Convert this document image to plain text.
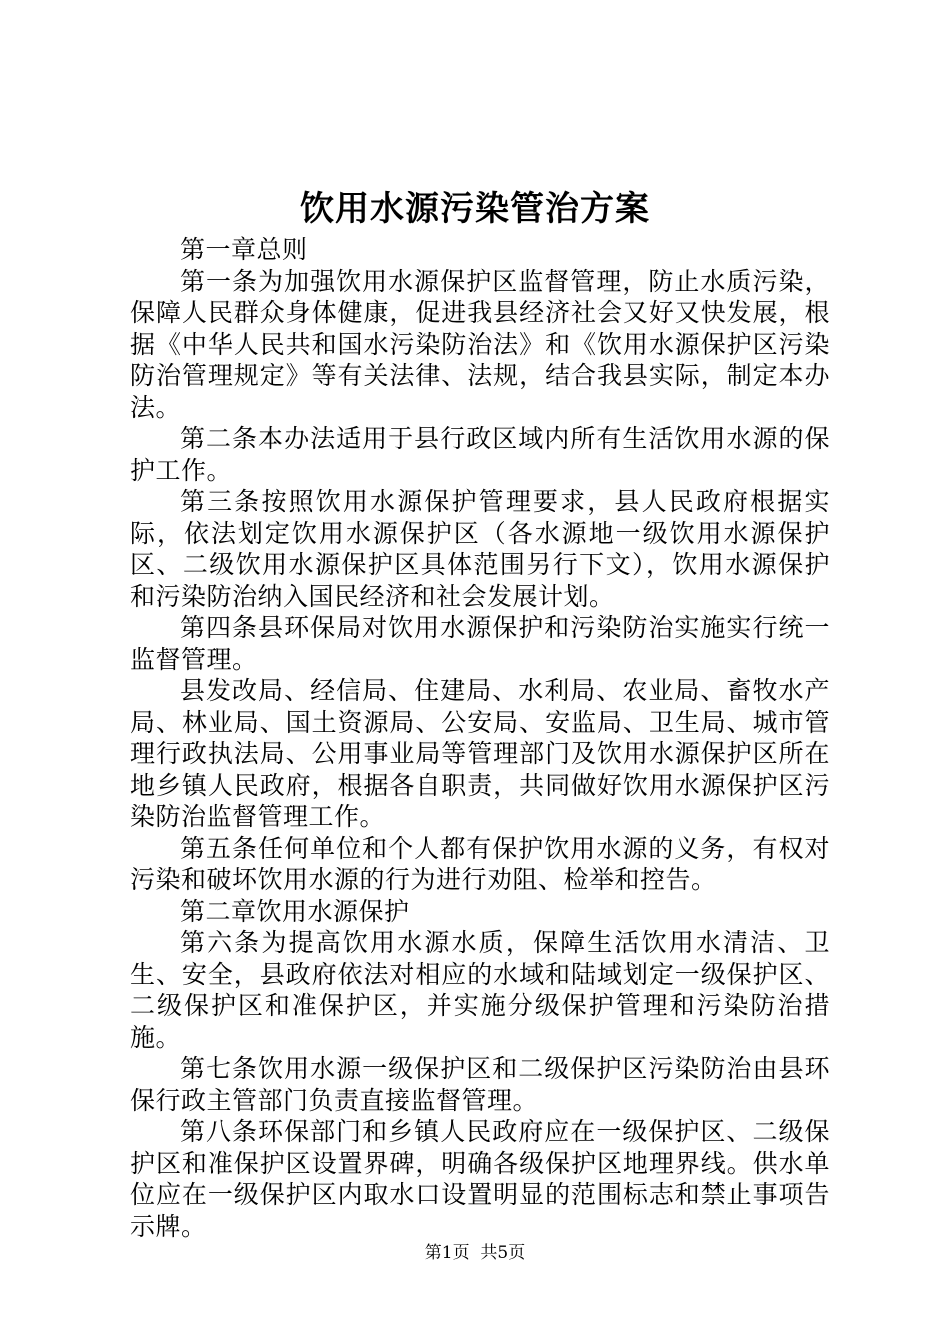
饮用水源污染管治方案

第一章总则

第一条为加强饮用水源保护区监督管理，防止水质污染，保障人民群众身体健康，促进我县经济社会又好又快发展，根据《中华人民共和国水污染防治法》和《饮用水源保护区污染防治管理规定》等有关法律、法规，结合我县实际，制定本办法。

第二条本办法适用于县行政区域内所有生活饮用水源的保护工作。

第三条按照饮用水源保护管理要求，县人民政府根据实际，依法划定饮用水源保护区（各水源地一级饮用水源保护区、二级饮用水源保护区具体范围另行下文），饮用水源保护和污染防治纳入国民经济和社会发展计划。

第四条县环保局对饮用水源保护和污染防治实施实行统一监督管理。

县发改局、经信局、住建局、水利局、农业局、畜牧水产局、林业局、国土资源局、公安局、安监局、卫生局、城市管理行政执法局、公用事业局等管理部门及饮用水源保护区所在地乡镇人民政府，根据各自职责，共同做好饮用水源保护区污染防治监督管理工作。

第五条任何单位和个人都有保护饮用水源的义务，有权对污染和破坏饮用水源的行为进行劝阻、检举和控告。

第二章饮用水源保护

第六条为提高饮用水源水质，保障生活饮用水清洁、卫生、安全，县政府依法对相应的水域和陆域划定一级保护区、二级保护区和准保护区，并实施分级保护管理和污染防治措施。

第七条饮用水源一级保护区和二级保护区污染防治由县环保行政主管部门负责直接监督管理。

第八条环保部门和乡镇人民政府应在一级保护区、二级保护区和准保护区设置界碑，明确各级保护区地理界线。供水单位应在一级保护区内取水口设置明显的范围标志和禁止事项告示牌。

第1页 共5页
